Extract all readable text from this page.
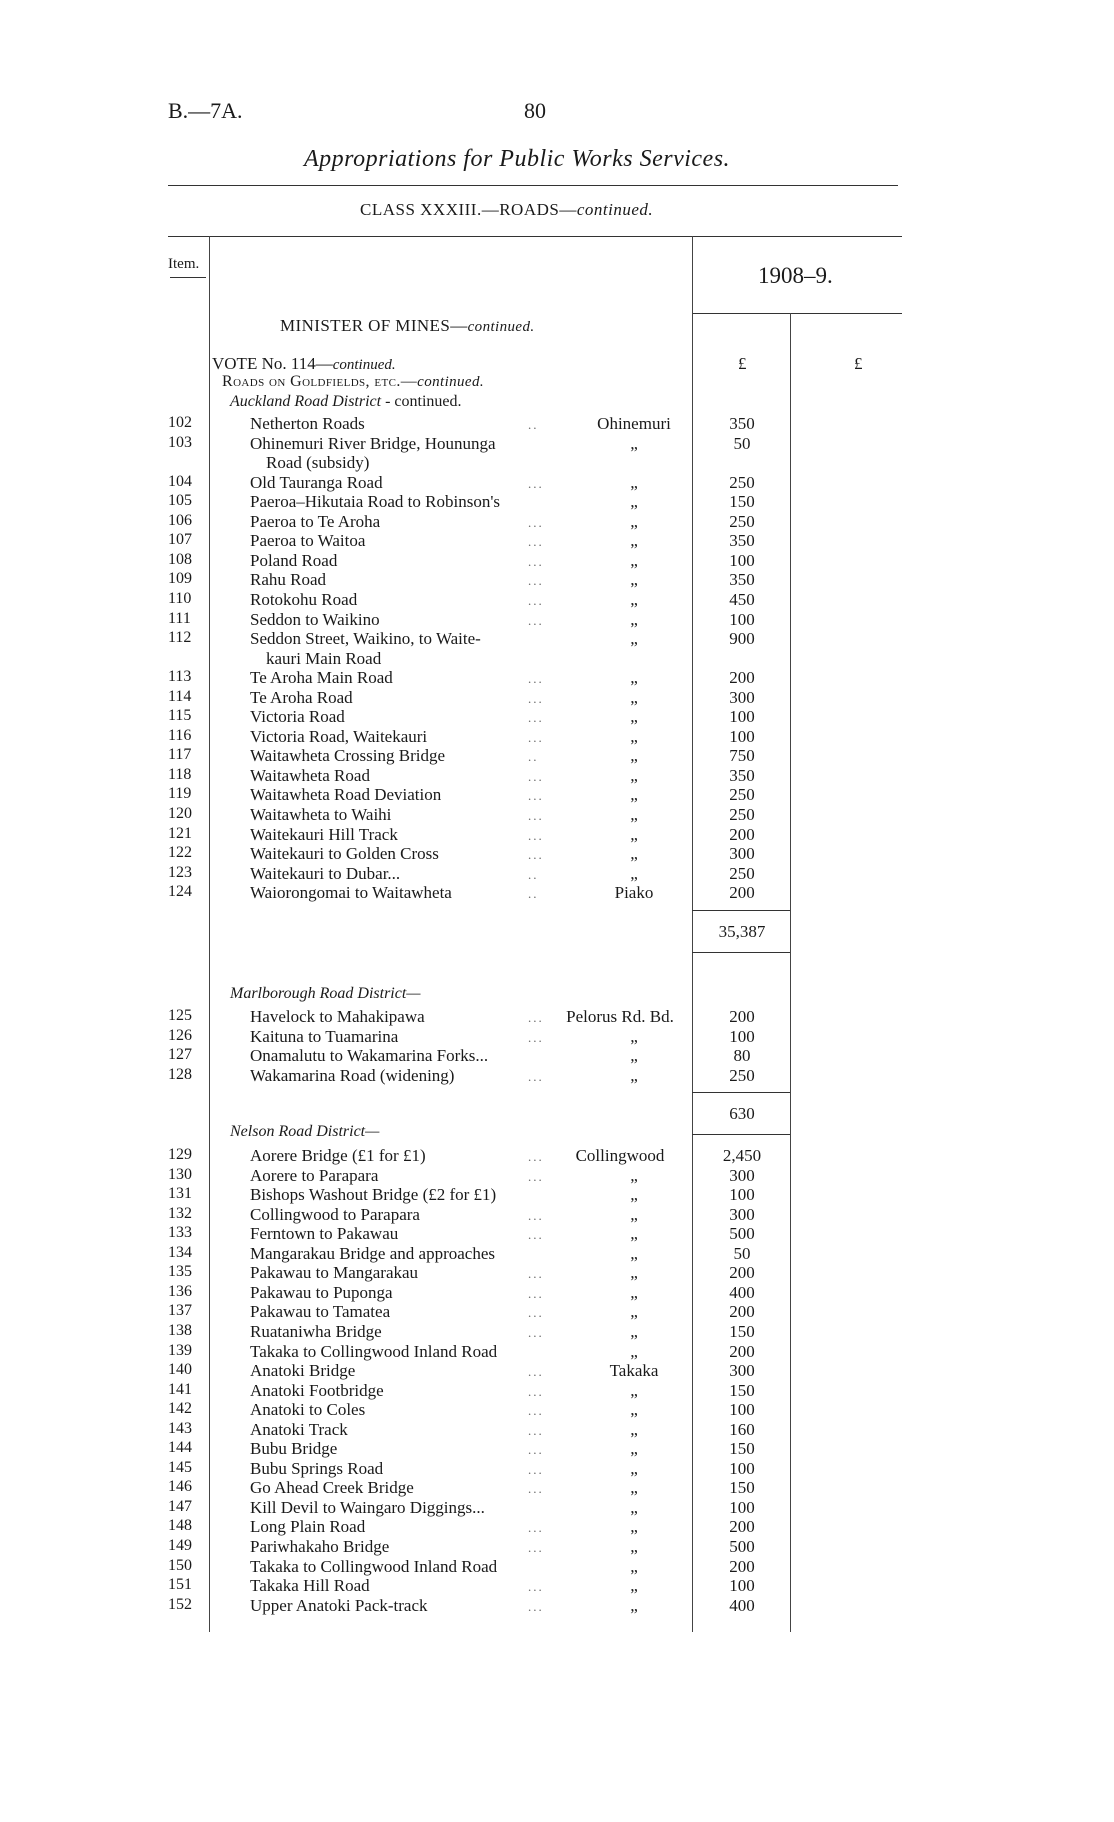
B.—7A.	80
Appropriations for Public Works Services.
CLASS XXXIII.—ROADS—continued.
Item.	1908–9.
MINISTER OF MINES—continued.
VOTE No. 114—continued.
Roads on Goldfields, etc.—continued.
£	£
Auckland Road District - continued.
102	Netherton Roads	..	Ohinemuri	350
103	Ohinemuri River Bridge, Hoununga	„	50
Road (subsidy)
104	Old Tauranga Road	...	„	250
105	Paeroa–Hikutaia Road to Robinson's	„	150
106	Paeroa to Te Aroha	...	„	250
107	Paeroa to Waitoa	...	„	350
108	Poland Road	...	„	100
109	Rahu Road	...	„	350
110	Rotokohu Road	...	„	450
111	Seddon to Waikino	...	„	100
112	Seddon Street, Waikino, to Waite-	„	900
kauri Main Road
113	Te Aroha Main Road	...	„	200
114	Te Aroha Road	...	„	300
115	Victoria Road	...	„	100
116	Victoria Road, Waitekauri	...	„	100
117	Waitawheta Crossing Bridge	..	„	750
118	Waitawheta Road	...	„	350
119	Waitawheta Road Deviation	...	„	250
120	Waitawheta to Waihi	...	„	250
121	Waitekauri Hill Track	...	„	200
122	Waitekauri to Golden Cross	...	„	300
123	Waitekauri to Dubar...	..	„	250
124	Waiorongomai to Waitawheta	..	Piako	200
35,387
Marlborough Road District—
125	Havelock to Mahakipawa	...	Pelorus Rd. Bd.	200
126	Kaituna to Tuamarina	...	„	100
127	Onamalutu to Wakamarina Forks...	„	80
128	Wakamarina Road (widening)	...	„	250
630
Nelson Road District—
129	Aorere Bridge (£1 for £1)	...	Collingwood	2,450
130	Aorere to Parapara	...	„	300
131	Bishops Washout Bridge (£2 for £1)	„	100
132	Collingwood to Parapara	...	„	300
133	Ferntown to Pakawau	...	„	500
134	Mangarakau Bridge and approaches	„	50
135	Pakawau to Mangarakau	...	„	200
136	Pakawau to Puponga	...	„	400
137	Pakawau to Tamatea	...	„	200
138	Ruataniwha Bridge	...	„	150
139	Takaka to Collingwood Inland Road	„	200
140	Anatoki Bridge	...	Takaka	300
141	Anatoki Footbridge	...	„	150
142	Anatoki to Coles	...	„	100
143	Anatoki Track	...	„	160
144	Bubu Bridge	...	„	150
145	Bubu Springs Road	...	„	100
146	Go Ahead Creek Bridge	...	„	150
147	Kill Devil to Waingaro Diggings...	„	100
148	Long Plain Road	...	„	200
149	Pariwhakaho Bridge	...	„	500
150	Takaka to Collingwood Inland Road	„	200
151	Takaka Hill Road	...	„	100
152	Upper Anatoki Pack-track	...	„	400
